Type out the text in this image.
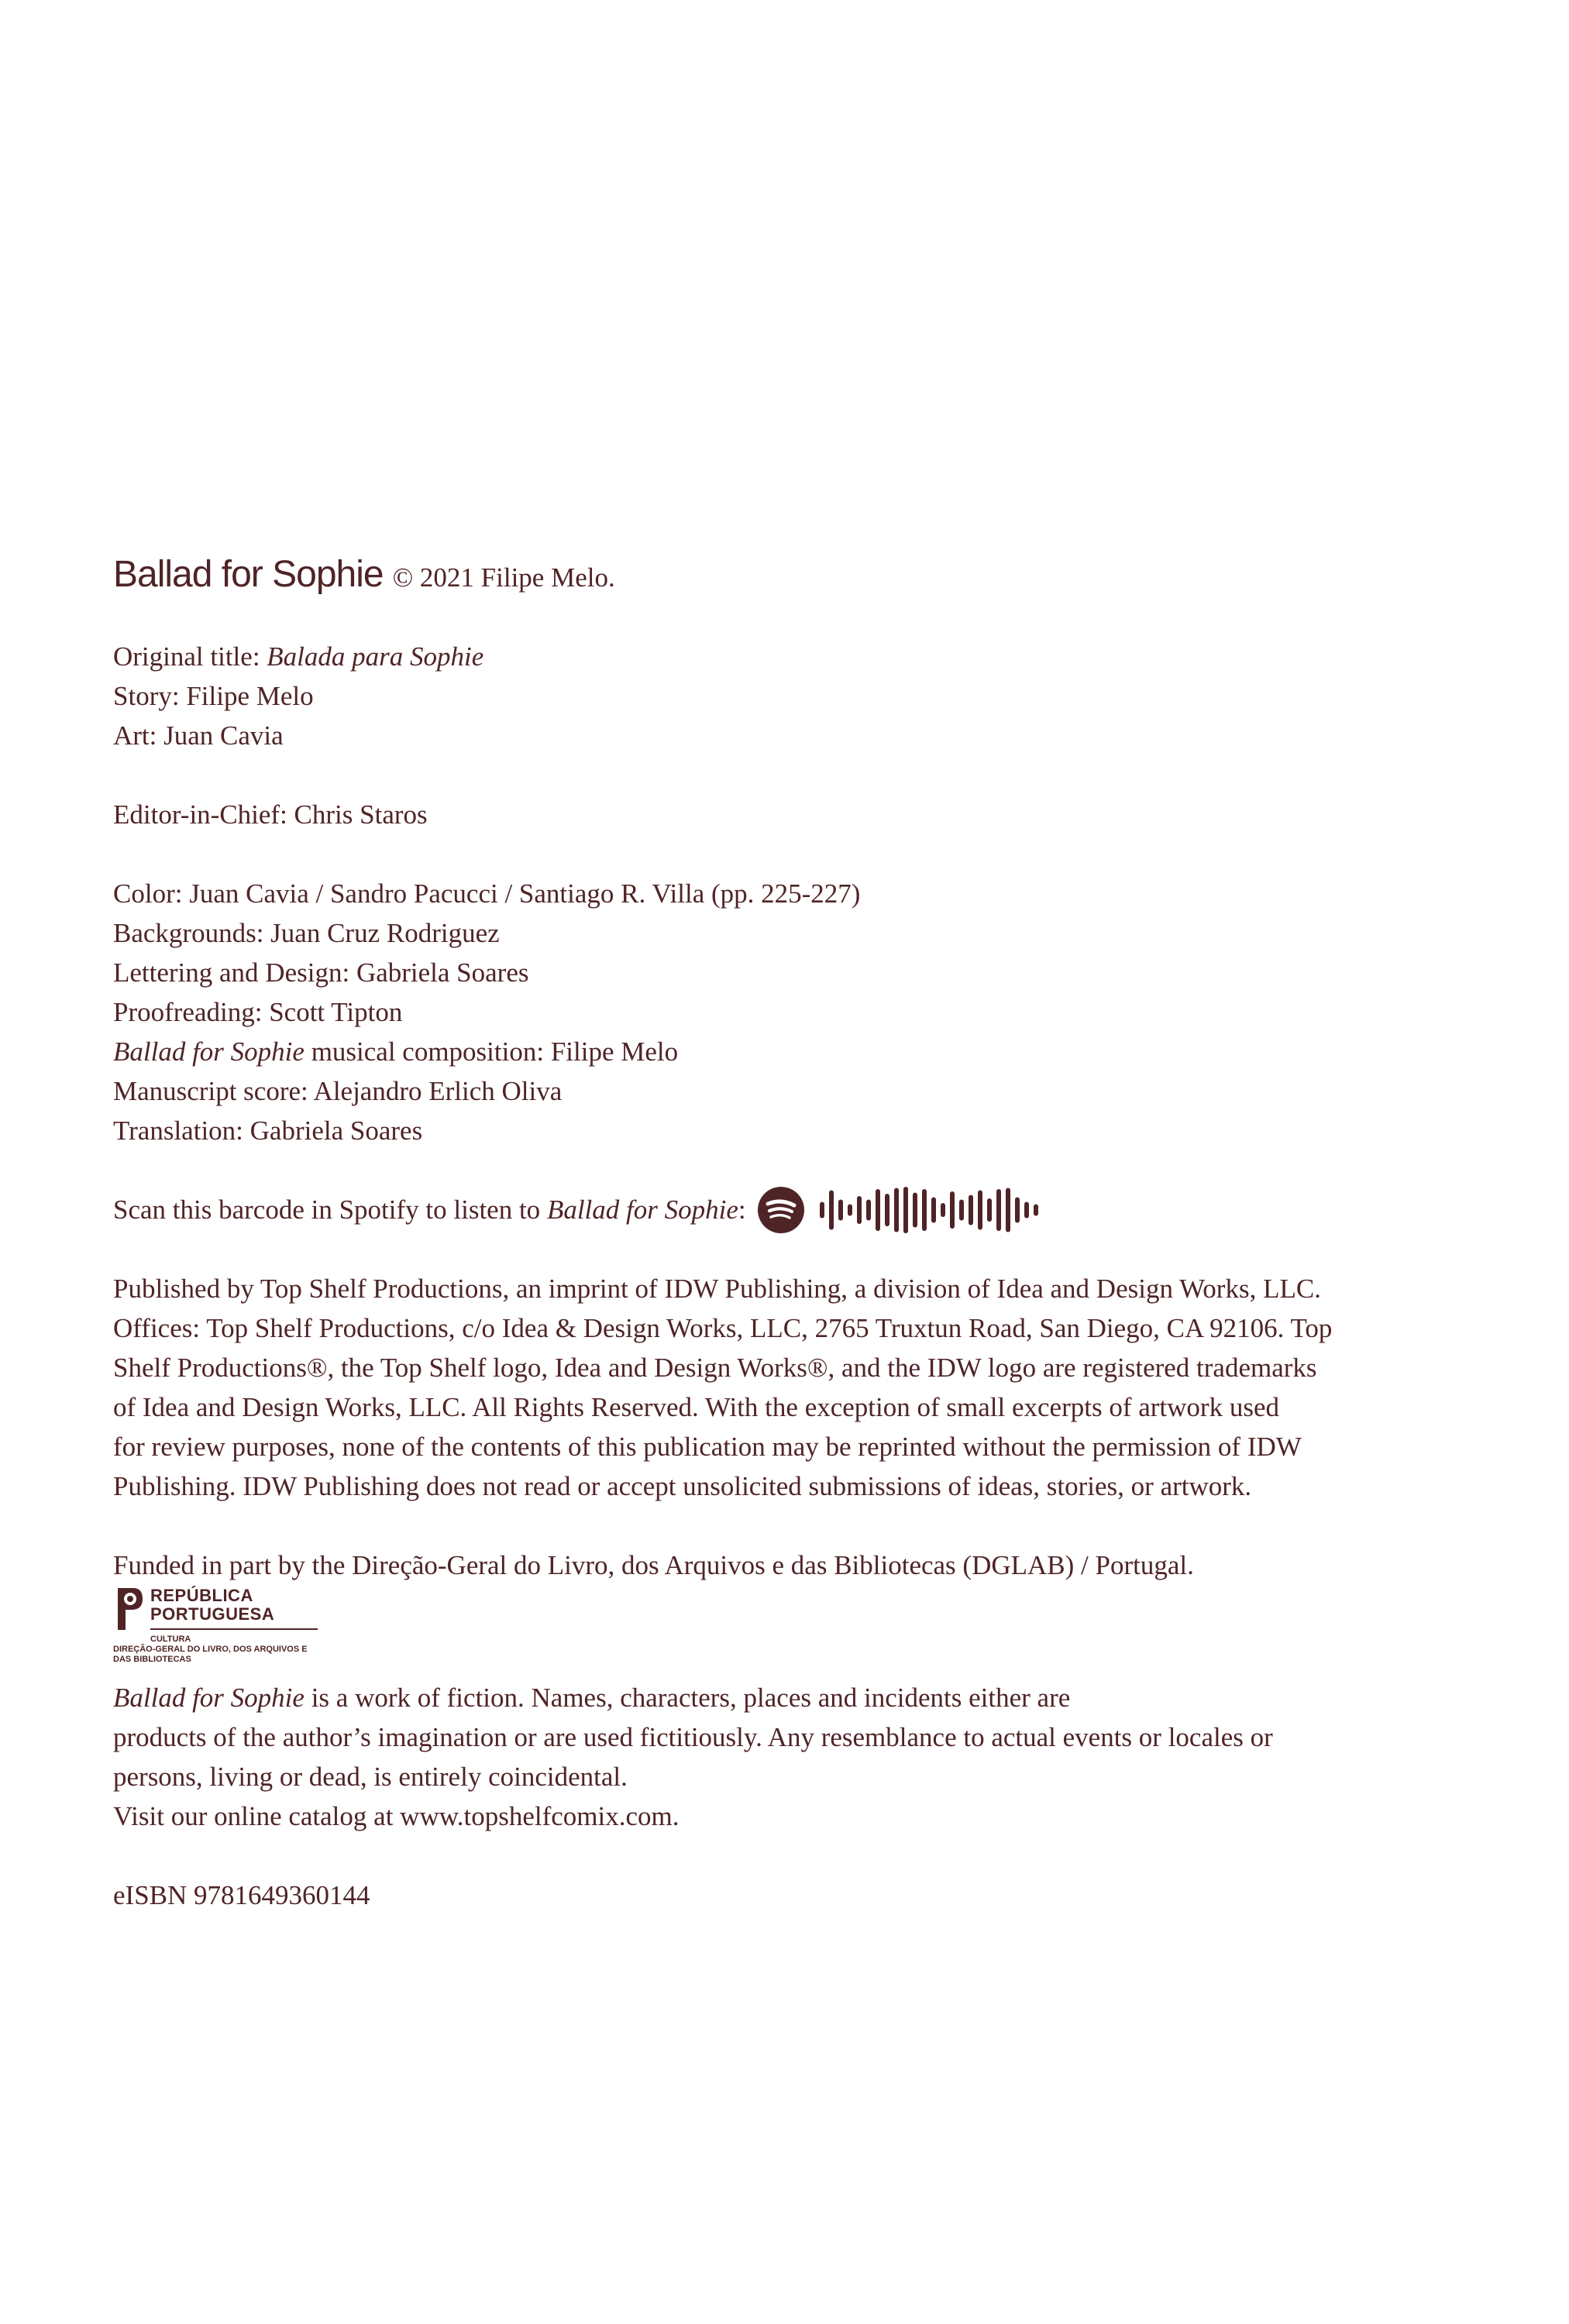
Ballad for Sophie © 2021 Filipe Melo.
Original title: Balada para Sophie
Story: Filipe Melo
Art: Juan Cavia
Editor-in-Chief: Chris Staros
Color: Juan Cavia / Sandro Pacucci / Santiago R. Villa (pp. 225-227)
Backgrounds: Juan Cruz Rodriguez
Lettering and Design: Gabriela Soares
Proofreading: Scott Tipton
Ballad for Sophie musical composition: Filipe Melo
Manuscript score: Alejandro Erlich Oliva
Translation: Gabriela Soares
Scan this barcode in Spotify to listen to
Ballad for Sophie :
Published by Top Shelf Productions, an imprint of IDW Publishing, a division of Idea and Design Works, LLC.
Offices: Top Shelf Productions, c/o Idea & Design Works, LLC, 2765 Truxtun Road, San Diego, CA 92106. Top
Shelf Productions®, the Top Shelf logo, Idea and Design Works®, and the IDW logo are registered trademarks
of Idea and Design Works, LLC. All Rights Reserved. With the exception of small excerpts of artwork used
for review purposes, none of the contents of this publication may be reprinted without the permission of IDW
Publishing. IDW Publishing does not read or accept unsolicited submissions of ideas, stories, or artwork.
Funded in part by the Direção-Geral do Livro, dos Arquivos e das Bibliotecas (DGLAB) / Portugal.
REPÚBLICA
PORTUGUESA
CULTURA
DIREÇÃO-GERAL DO LIVRO, DOS ARQUIVOS E
DAS BIBLIOTECAS
Ballad for Sophie is a work of fiction. Names, characters, places and incidents either are
products of the author’s imagination or are used fictitiously. Any resemblance to actual events or locales or
persons, living or dead, is entirely coincidental.
Visit our online catalog at www.topshelfcomix.com.
eISBN 9781649360144
